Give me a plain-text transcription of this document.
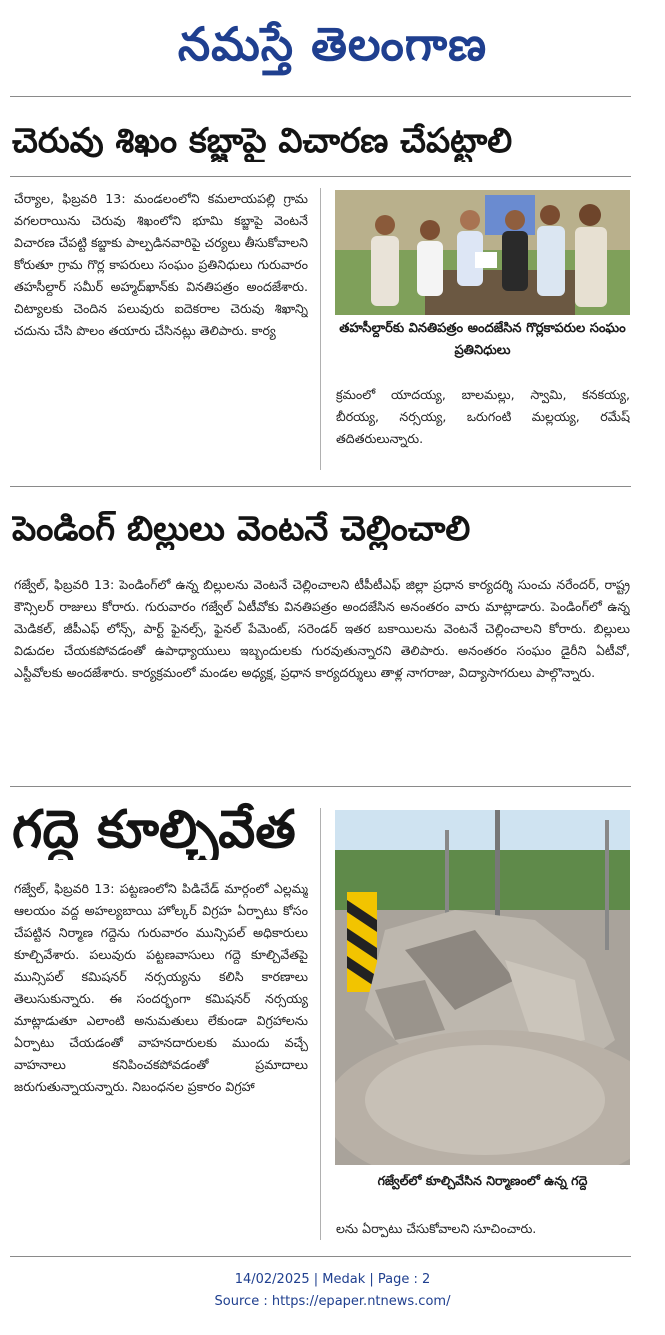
నమస్తే తెలంగాణ
చెరువు శిఖం కబ్జాపై విచారణ చేపట్టాలి
చేర్యాల, ఫిబ్రవరి 13: మండలంలోని కమలాయపల్లి గ్రామ వగలరాయిను చెరువు శిఖంలోని భూమి కబ్జాపై వెంటనే విచారణ చేపట్టి కబ్జాకు పాల్పడినవారిపై చర్యలు తీసుకోవాలని కోరుతూ గ్రామ గొర్ల కాపరులు సంఘం ప్రతినిధులు గురువారం తహసీల్దార్ సమీర్ అహ్మద్‌ఖాన్‌కు వినతిపత్రం అందజేశారు. చిట్యాలకు చెందిన పలువురు ఐదెకరాల చెరువు శిఖాన్ని చదును చేసి పొలం తయారు చేసినట్లు తెలిపారు. కార్య	తహసీల్దార్‌కు వినతిపత్రం అందజేసిన గొర్లకాపరుల సంఘం ప్రతినిధులు
క్రమంలో యాదయ్య, బాలమల్లు, స్వామి, కనకయ్య, బీరయ్య, నర్సయ్య, ఒరుగంటి మల్లయ్య, రమేష్ తదితరులున్నారు.
పెండింగ్ బిల్లులు వెంటనే చెల్లించాలి
గజ్వేల్, ఫిబ్రవరి 13: పెండింగ్‌లో ఉన్న బిల్లులను వెంటనే చెల్లించాలని టీపీటీఎఫ్ జిల్లా ప్రధాన కార్యదర్శి సుంచు నరేందర్, రాష్ట్ర కౌన్సిలర్ రాజులు కోరారు. గురువారం గజ్వేల్ ఏటీవోకు వినతిపత్రం అందజేసిన అనంతరం వారు మాట్లాడారు. పెండింగ్‌లో ఉన్న మెడికల్, జీపీఎఫ్ లోన్స్, పార్ట్ ఫైనల్స్, ఫైనల్ పేమెంట్, సరెండర్ ఇతర బకాయిలను వెంటనే చెల్లించాలని కోరారు. బిల్లులు విడుదల చేయకపోవడంతో ఉపాధ్యాయులు ఇబ్బందులకు గురవుతున్నారని తెలిపారు. అనంతరం సంఘం డైరీని ఏటీవో, ఎస్టీవోలకు అందజేశారు. కార్యక్రమంలో మండల అధ్యక్ష, ప్రధాన కార్యదర్శులు తాళ్ల నాగరాజు, విద్యాసాగరులు పాల్గొన్నారు.
గద్దె కూల్చివేత
గజ్వేల్, ఫిబ్రవరి 13: పట్టణంలోని పిడిచేడ్ మార్గంలో ఎల్లమ్మ ఆలయం వద్ద అహల్యబాయి హోల్కర్ విగ్రహ ఏర్పాటు కోసం చేపట్టిన నిర్మాణ గద్దెను గురువారం మున్సిపల్ అధికారులు కూల్చివేశారు. పలువురు పట్టణవాసులు గద్దె కూల్చివేతపై మున్సిపల్ కమిషనర్ నర్సయ్యను కలిసి కారణాలు తెలుసుకున్నారు. ఈ సందర్భంగా కమిషనర్ నర్సయ్య మాట్లాడుతూ ఎలాంటి అనుమతులు లేకుండా విగ్రహాలను ఏర్పాటు చేయడంతో వాహనదారులకు ముందు వచ్చే వాహనాలు కనిపించకపోవడంతో ప్రమాదాలు జరుగుతున్నాయన్నారు. నిబంధనల ప్రకారం విగ్రహా
గజ్వేల్‌లో కూల్చివేసిన నిర్మాణంలో ఉన్న గద్దె
లను ఏర్పాటు చేసుకోవాలని సూచించారు.
14/02/2025 | Medak | Page : 2
Source : https://epaper.ntnews.com/
